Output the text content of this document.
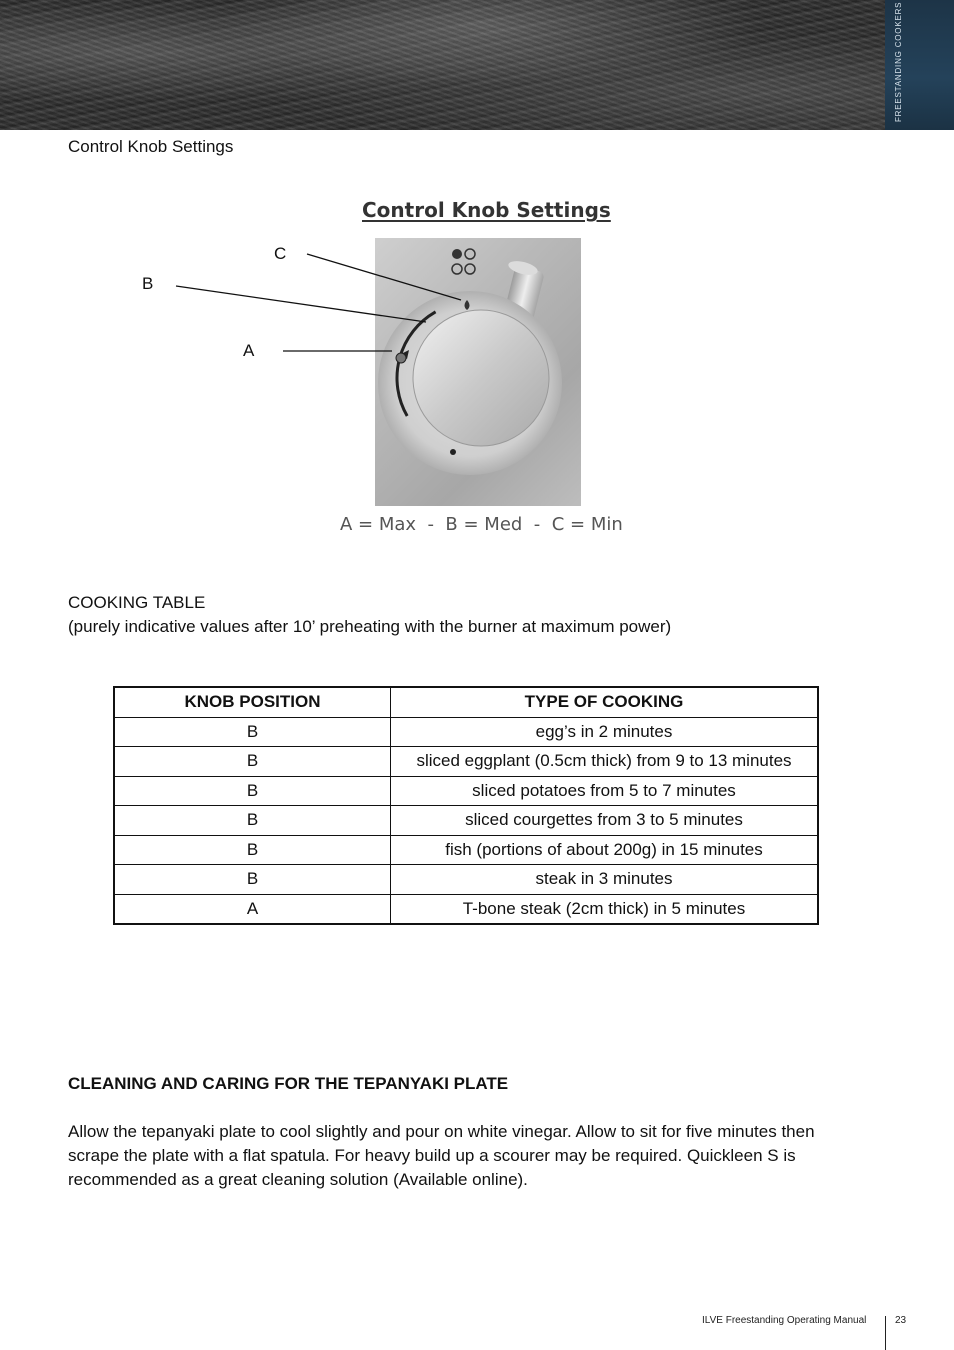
FREESTANDING COOKERS
Control Knob Settings
Control Knob Settings
C
B
A
A = Max  -  B = Med  -  C = Min
COOKING TABLE
(purely indicative values after 10’ preheating with the burner at maximum power)
KNOB POSITION	TYPE OF COOKING
B	egg’s in 2 minutes
B	sliced eggplant (0.5cm thick) from 9 to 13 minutes
B	sliced potatoes from 5 to 7 minutes
B	sliced courgettes from 3 to 5 minutes
B	fish (portions of about 200g) in 15 minutes
B	steak in 3 minutes
A	T-bone steak (2cm thick) in 5 minutes
CLEANING AND CARING FOR THE TEPANYAKI PLATE
Allow the tepanyaki plate to cool slightly and pour on white vinegar. Allow to sit for five minutes then
scrape the plate with a flat spatula. For heavy build up a scourer may be required. Quickleen S is
recommended as a great cleaning solution (Available online).
ILVE Freestanding Operating Manual	23
